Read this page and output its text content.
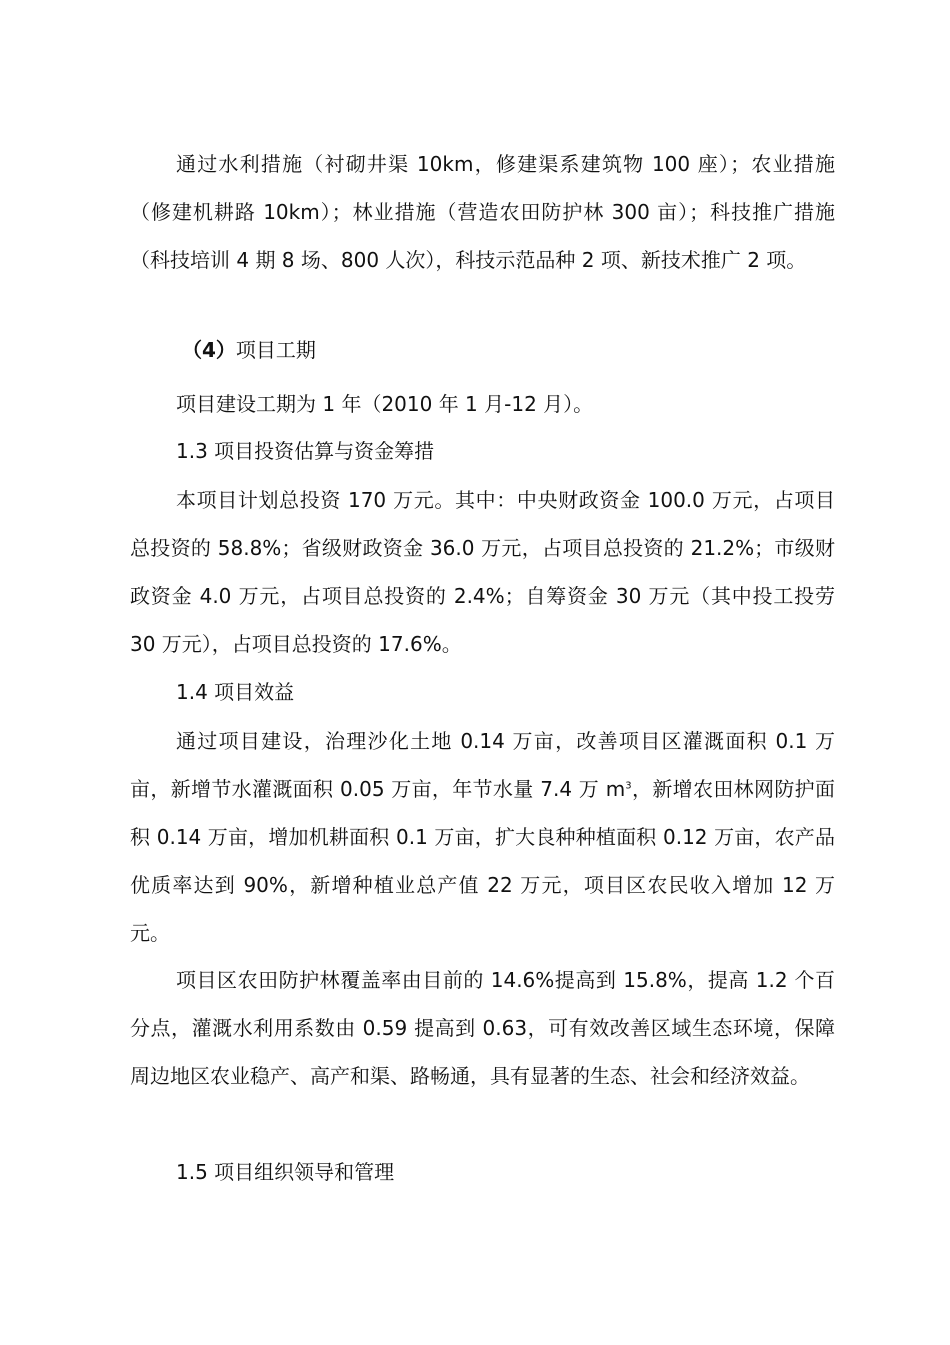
通过水利措施（衬砌井渠 10km，修建渠系建筑物 100 座）；农业措施（修建机耕路 10km）；林业措施（营造农田防护林 300 亩）；科技推广措施（科技培训 4 期 8 场、800 人次），科技示范品种 2 项、新技术推广 2 项。

（4）项目工期

项目建设工期为 1 年（2010 年 1 月-12 月）。

1.3 项目投资估算与资金筹措

本项目计划总投资 170 万元。其中：中央财政资金 100.0 万元，占项目总投资的 58.8%；省级财政资金 36.0 万元，占项目总投资的 21.2%；市级财政资金 4.0 万元，占项目总投资的 2.4%；自筹资金 30 万元（其中投工投劳 30 万元），占项目总投资的 17.6%。

1.4 项目效益

通过项目建设，治理沙化土地 0.14 万亩，改善项目区灌溉面积 0.1 万亩，新增节水灌溉面积 0.05 万亩，年节水量 7.4 万 $m^3$，新增农田林网防护面积 0.14 万亩，增加机耕面积 0.1 万亩，扩大良种种植面积 0.12 万亩，农产品优质率达到 90%，新增种植业总产值 22 万元，项目区农民收入增加 12 万元。

项目区农田防护林覆盖率由目前的 14.6%提高到 15.8%，提高 1.2 个百分点，灌溉水利用系数由 0.59 提高到 0.63，可有效改善区域生态环境，保障周边地区农业稳产、高产和渠、路畅通，具有显著的生态、社会和经济效益。

1.5 项目组织领导和管理
